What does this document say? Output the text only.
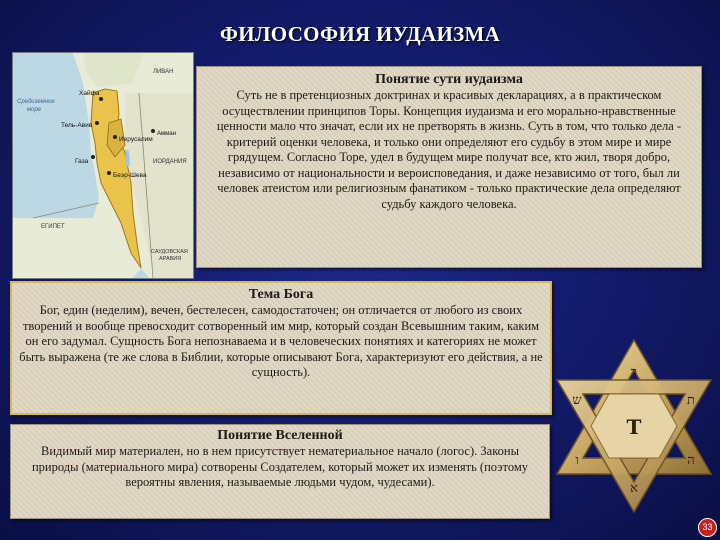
ФИЛОСОФИЯ ИУДАИЗМА
ЛИВАН
Средиземное
море
Хайфа
Тель-Авив
Иерусалим
Газа
Беэр-Шева
Амман
ИОРДАНИЯ
ЕГИПЕТ
САУДОВСКАЯ
АРАВИЯ
Понятие сути иудаизма
Суть не в претенциозных доктринах и красивых декларациях, а в практическом осуществлении принципов Торы. Концепция иудаизма и его морально-нравственные ценности мало что значат, если их не претворять в жизнь. Суть в том, что только дела - критерий оценки человека, и только они определяют его судьбу в этом мире и мире грядущем. Согласно Торе, удел в будущем мире получат все, кто жил, творя добро, независимо от национальности и вероисповедания, и даже независимо от того, был ли человек атеистом или религиозным фанатиком - только практические дела определяют судьбу каждого человека.
Тема Бога
Бог, един (неделим), вечен, бестелесен, самодостаточен; он отличается от любого из своих творений и вообще превосходит сотворенный им мир, который создан Всевышним таким, каким он его задумал. Сущность Бога непознаваема и в человеческих понятиях и категориях не может быть выражена (те же слова в Библии, которые описывают Бога, характеризуют его действия, а не сущность).
Понятие Вселенной
Видимый мир материален, но в нем присутствует нематериальное начало (логос). Законы природы (материального мира) сотворены Создателем, который может их изменять (поэтому вероятны явления, называемые людьми чудом, чудесами).
T
ר
ש	ת
ו	ה
א
33
